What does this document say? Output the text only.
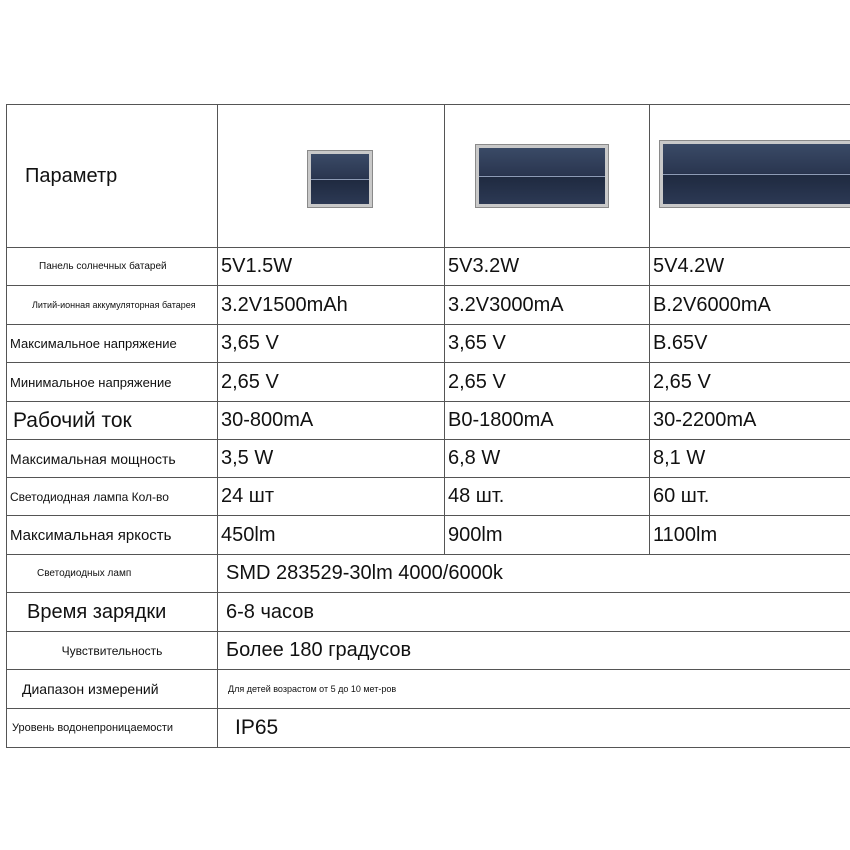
Параметр	

Панель солнечных батарей	5V1.5W	5V3.2W	5V4.2W
Литий-ионная аккумуляторная батарея	3.2V1500mAh	3.2V3000mA	B.2V6000mA
Максимальное напряжение	3,65 V	3,65 V	B.65V
Минимальное напряжение	2,65 V	2,65 V	2,65 V
Рабочий ток	30-800mA	B0-1800mA	30-2200mA
Максимальная мощность	3,5 W	6,8 W	8,1 W
Светодиодная лампа Кол-во	24 шт	48 шт.	60 шт.
Максимальная яркость	450lm	900lm	1100lm
Светодиодных ламп	SMD 283529-30lm 4000/6000k		
Время зарядки	6-8 часов		
Чувствительность	Более 180 градусов		
Диапазон измерений	Для детей возрастом от 5 до 10 мет-ров		

Уровень водонепроницаемости	IP65		
